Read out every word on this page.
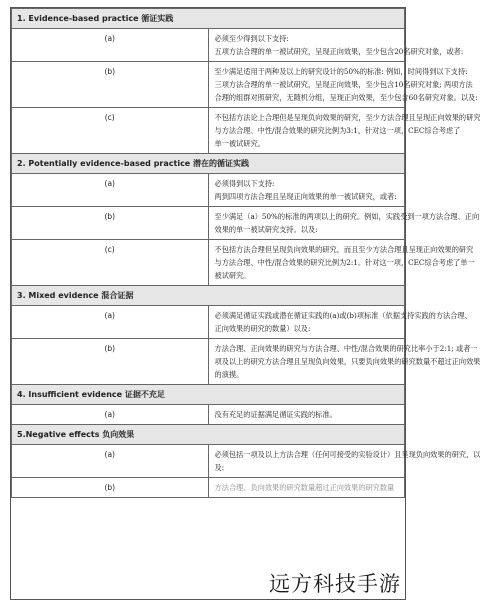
1. Evidence-based practice 循证实践	
(a)	必须至少得到以下支持:
五项方法合理的单一被试研究，呈现正向效果，至少包含20名研究对象，或者:

(b)	至少满足适用于两种及以上的研究设计的50%的标准: 例如，时间得到以下支持:
三项方法合理的单一被试研究，呈现正向效果，至少包含10名研究对象; 两项方法
合理的组群对照研究，无随机分组，呈现正向效果，至少包含60名研究对象。以及:

(c)	不包括方法论上合理但是呈现负向效果的研究，至少方法合理且呈现正向效果的研究
与方法合理、中性/混合效果的研究比例为3:1，针对这一项，CEC综合考虑了
单一被试研究。

2. Potentially evidence-based practice 潜在的循证实践	
(a)	必须得到以下支持:
两到四项方法合理且呈现正向效果的单一被试研究，或者:

(b)	至少满足（a）50%的标准的两项以上的研究。例如，实践受到一项方法合理、正向
效果的单一被试研究支持。以及:

(c)	不包括方法合理但呈现负向效果的研究，而且至少方法合理且呈现正向效果的研究
与方法合理、中性/混合效果的研究比例为2:1。针对这一项，CEC综合考虑了单一
被试研究。

3. Mixed evidence 混合证据	
(a)	必须满足循证实践或潜在循证实践的(a)或(b)项标准（依据支持实践的方法合理、
正向效果的研究的数量）以及:

(b)	方法合理、正向效果的研究与方法合理、中性/混合效果的研究比率小于2:1; 或者一
项及以上的研究方法合理且呈现负向效果，只要负向效果的研究数量不超过正向效果
的演摸。

4. Insufficient evidence 证据不充足	
(a)	没有充足的证据满足循证实践的标准。

5.Negative effects 负向效果	
(a)	必须包括一项及以上方法合理（任何可接受的实验设计）且呈现负向效果的研究，以
及:

(b)	方法合理、负向效果的研究数量超过正向效果的研究数量
远方科技手游
